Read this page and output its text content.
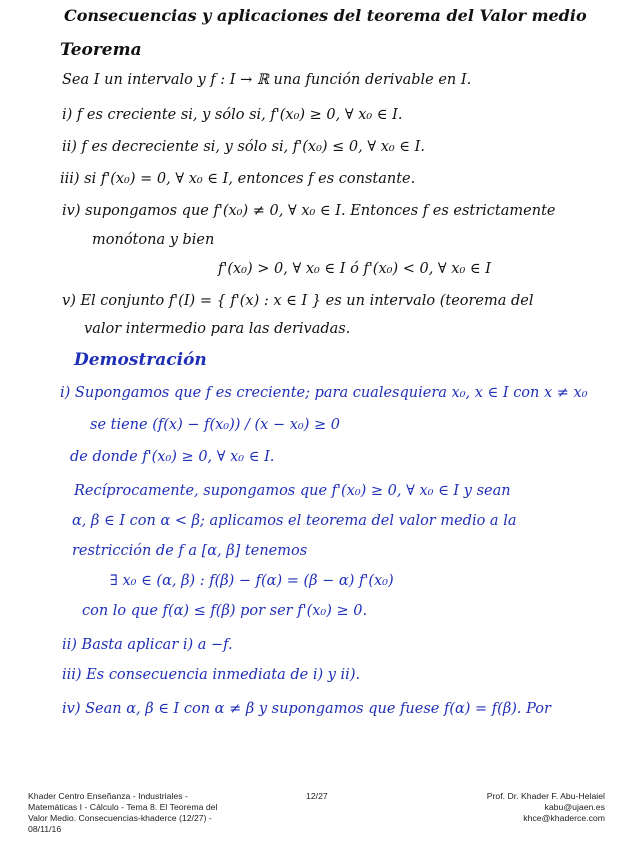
Consecuencias y aplicaciones del teorema del Valor medio
Teorema
Sea I un intervalo y f : I → ℝ una función derivable en I.
i) f es creciente si, y sólo si, f'(x₀) ≥ 0, ∀ x₀ ∈ I.
ii) f es decreciente si, y sólo si, f'(x₀) ≤ 0, ∀ x₀ ∈ I.
iii) si f'(x₀) = 0, ∀ x₀ ∈ I, entonces f es constante.
iv) supongamos que f'(x₀) ≠ 0, ∀ x₀ ∈ I. Entonces f es estrictamente
monótona y bien
f'(x₀) > 0, ∀ x₀ ∈ I ó f'(x₀) < 0, ∀ x₀ ∈ I
v) El conjunto f'(I) = { f'(x) : x ∈ I } es un intervalo (teorema del
valor intermedio para las derivadas.
Demostración
i) Supongamos que f es creciente; para cualesquiera x₀, x ∈ I con x ≠ x₀
se tiene (f(x) − f(x₀)) / (x − x₀) ≥ 0
de donde f'(x₀) ≥ 0, ∀ x₀ ∈ I.
Recíprocamente, supongamos que f'(x₀) ≥ 0, ∀ x₀ ∈ I y sean
α, β ∈ I con α < β; aplicamos el teorema del valor medio a la
restricción de f a [α, β] tenemos
∃ x₀ ∈ (α, β) : f(β) − f(α) = (β − α) f'(x₀)
con lo que f(α) ≤ f(β) por ser f'(x₀) ≥ 0.
ii) Basta aplicar i) a −f.
iii) Es consecuencia inmediata de i) y ii).
iv) Sean α, β ∈ I con α ≠ β y supongamos que fuese f(α) = f(β). Por
Khader Centro Enseñanza - Industriales -
Matemáticas I - Cálculo - Tema 8. El Teorema del
Valor Medio. Consecuencias-khaderce (12/27) -
08/11/16
12/27	Prof. Dr. Khader F. Abu-Helaiel
kabu@ujaen.es
khce@khaderce.com
